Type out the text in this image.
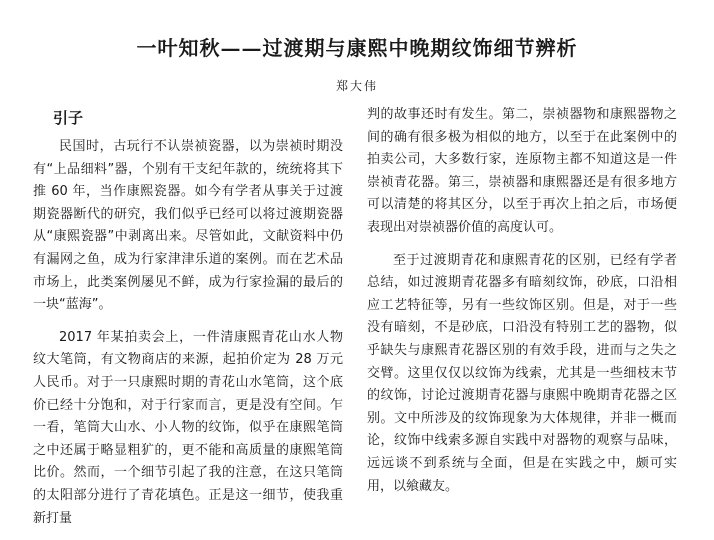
一叶知秋——过渡期与康熙中晚期纹饰细节辨析
郑大伟
引子

民国时，古玩行不认崇祯瓷器，以为崇祯时期没有“上品细料”器，个别有干支纪年款的，统统将其下推 60 年，当作康熙瓷器。如今有学者从事关于过渡期瓷器断代的研究，我们似乎已经可以将过渡期瓷器从“康熙瓷器”中剥离出来。尽管如此，文献资料中仍有漏网之鱼，成为行家津津乐道的案例。而在艺术品市场上，此类案例屡见不鲜，成为行家捡漏的最后的一块“蓝海”。

2017 年某拍卖会上，一件清康熙青花山水人物纹大笔筒，有文物商店的来源，起拍价定为 28 万元人民币。对于一只康熙时期的青花山水笔筒，这个底价已经十分饱和，对于行家而言，更是没有空间。乍一看，笔筒大山水、小人物的纹饰，似乎在康熙笔筒之中还属于略显粗犷的，更不能和高质量的康熙笔筒比价。然而，一个细节引起了我的注意，在这只笔筒的太阳部分进行了青花填色。正是这一细节，使我重新打量

判的故事还时有发生。第二，崇祯器物和康熙器物之间的确有很多极为相似的地方，以至于在此案例中的拍卖公司，大多数行家，连原物主都不知道这是一件崇祯青花器。第三，崇祯器和康熙器还是有很多地方可以清楚的将其区分，以至于再次上拍之后，市场便表现出对崇祯器价值的高度认可。

至于过渡期青花和康熙青花的区别，已经有学者总结，如过渡期青花器多有暗刻纹饰，砂底，口沿相应工艺特征等，另有一些纹饰区别。但是，对于一些没有暗刻，不是砂底，口沿没有特别工艺的器物，似乎缺失与康熙青花器区别的有效手段，进而与之失之交臂。这里仅仅以纹饰为线索，尤其是一些细枝末节的纹饰，讨论过渡期青花器与康熙中晚期青花器之区别。文中所涉及的纹饰现象为大体规律，并非一概而论，纹饰中线索多源自实践中对器物的观察与品味，远远谈不到系统与全面，但是在实践之中，颇可实用，以飨藏友。
